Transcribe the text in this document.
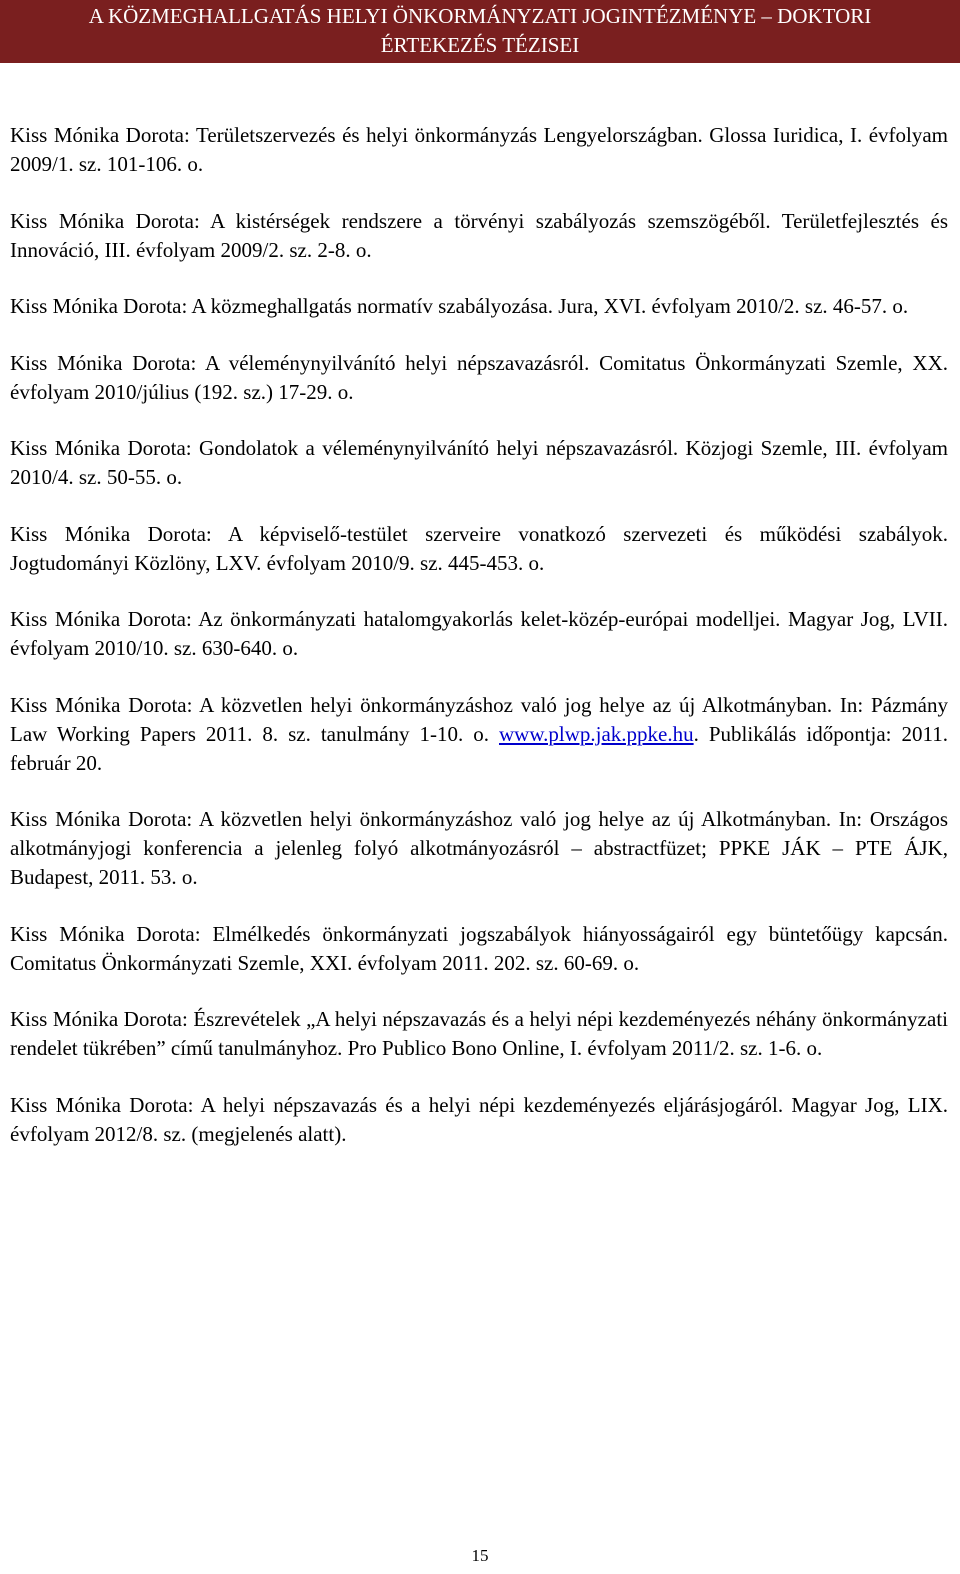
A KÖZMEGHALLGATÁS HELYI ÖNKORMÁNYZATI JOGINTÉZMÉNYE – DOKTORI
ÉRTEKEZÉS TÉZISEI

Kiss Mónika Dorota: Területszervezés és helyi önkormányzás Lengyelországban. Glossa Iuridica, I. évfolyam 2009/1. sz. 101-106. o.

Kiss Mónika Dorota: A kistérségek rendszere a törvényi szabályozás szemszögéből. Területfejlesztés és Innováció, III. évfolyam 2009/2. sz. 2-8. o.

Kiss Mónika Dorota: A közmeghallgatás normatív szabályozása. Jura, XVI. évfolyam 2010/2. sz. 46-57. o.

Kiss Mónika Dorota: A véleménynyilvánító helyi népszavazásról. Comitatus Önkormányzati Szemle, XX. évfolyam 2010/július (192. sz.) 17-29. o.

Kiss Mónika Dorota: Gondolatok a véleménynyilvánító helyi népszavazásról. Közjogi Szemle, III. évfolyam 2010/4. sz. 50-55. o.

Kiss Mónika Dorota: A képviselő-testület szerveire vonatkozó szervezeti és működési szabályok. Jogtudományi Közlöny, LXV. évfolyam 2010/9. sz. 445-453. o.

Kiss Mónika Dorota: Az önkormányzati hatalomgyakorlás kelet-közép-európai modelljei. Magyar Jog, LVII. évfolyam 2010/10. sz. 630-640. o.

Kiss Mónika Dorota: A közvetlen helyi önkormányzáshoz való jog helye az új Alkotmányban. In: Pázmány Law Working Papers 2011. 8. sz. tanulmány 1-10. o. www.plwp.jak.ppke.hu. Publikálás időpontja: 2011. február 20.

Kiss Mónika Dorota: A közvetlen helyi önkormányzáshoz való jog helye az új Alkotmányban. In: Országos alkotmányjogi konferencia a jelenleg folyó alkotmányozásról – abstractfüzet; PPKE JÁK – PTE ÁJK, Budapest, 2011. 53. o.

Kiss Mónika Dorota: Elmélkedés önkormányzati jogszabályok hiányosságairól egy büntetőügy kapcsán. Comitatus Önkormányzati Szemle, XXI. évfolyam 2011. 202. sz. 60-69. o.

Kiss Mónika Dorota: Észrevételek „A helyi népszavazás és a helyi népi kezdeményezés néhány önkormányzati rendelet tükrében” című tanulmányhoz. Pro Publico Bono Online, I. évfolyam 2011/2. sz. 1-6. o.

Kiss Mónika Dorota: A helyi népszavazás és a helyi népi kezdeményezés eljárásjogáról. Magyar Jog, LIX. évfolyam 2012/8. sz. (megjelenés alatt).

15
